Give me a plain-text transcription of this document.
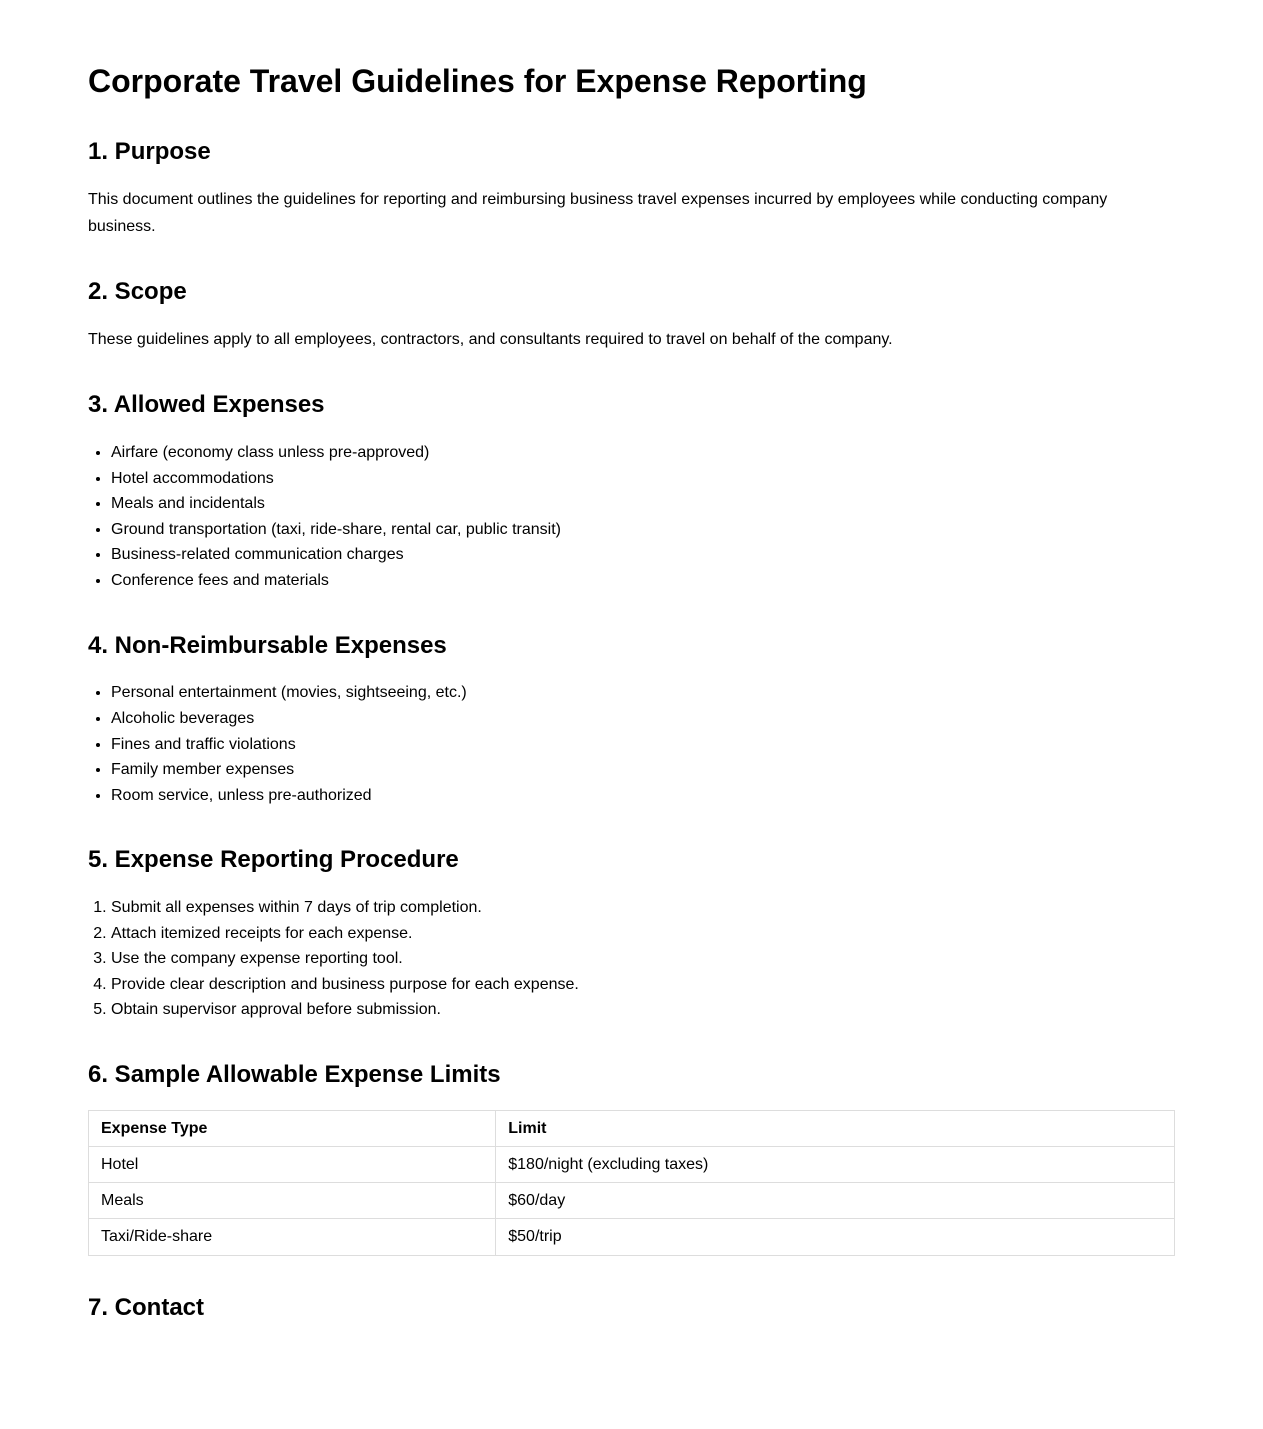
Corporate Travel Guidelines for Expense Reporting
1. Purpose

This document outlines the guidelines for reporting and reimbursing business travel expenses incurred by employees while conducting company business.

2. Scope

These guidelines apply to all employees, contractors, and consultants required to travel on behalf of the company.

3. Allowed Expenses
• Airfare (economy class unless pre-approved)
• Hotel accommodations
• Meals and incidentals
• Ground transportation (taxi, ride-share, rental car, public transit)
• Business-related communication charges
• Conference fees and materials
4. Non-Reimbursable Expenses
• Personal entertainment (movies, sightseeing, etc.)
• Alcoholic beverages
• Fines and traffic violations
• Family member expenses
• Room service, unless pre-authorized
5. Expense Reporting Procedure
1. Submit all expenses within 7 days of trip completion.
2. Attach itemized receipts for each expense.
3. Use the company expense reporting tool.
4. Provide clear description and business purpose for each expense.
5. Obtain supervisor approval before submission.
6. Sample Allowable Expense Limits
Expense Type	Limit
Hotel	$180/night (excluding taxes)
Meals	$60/day
Taxi/Ride-share	$50/trip
7. Contact
